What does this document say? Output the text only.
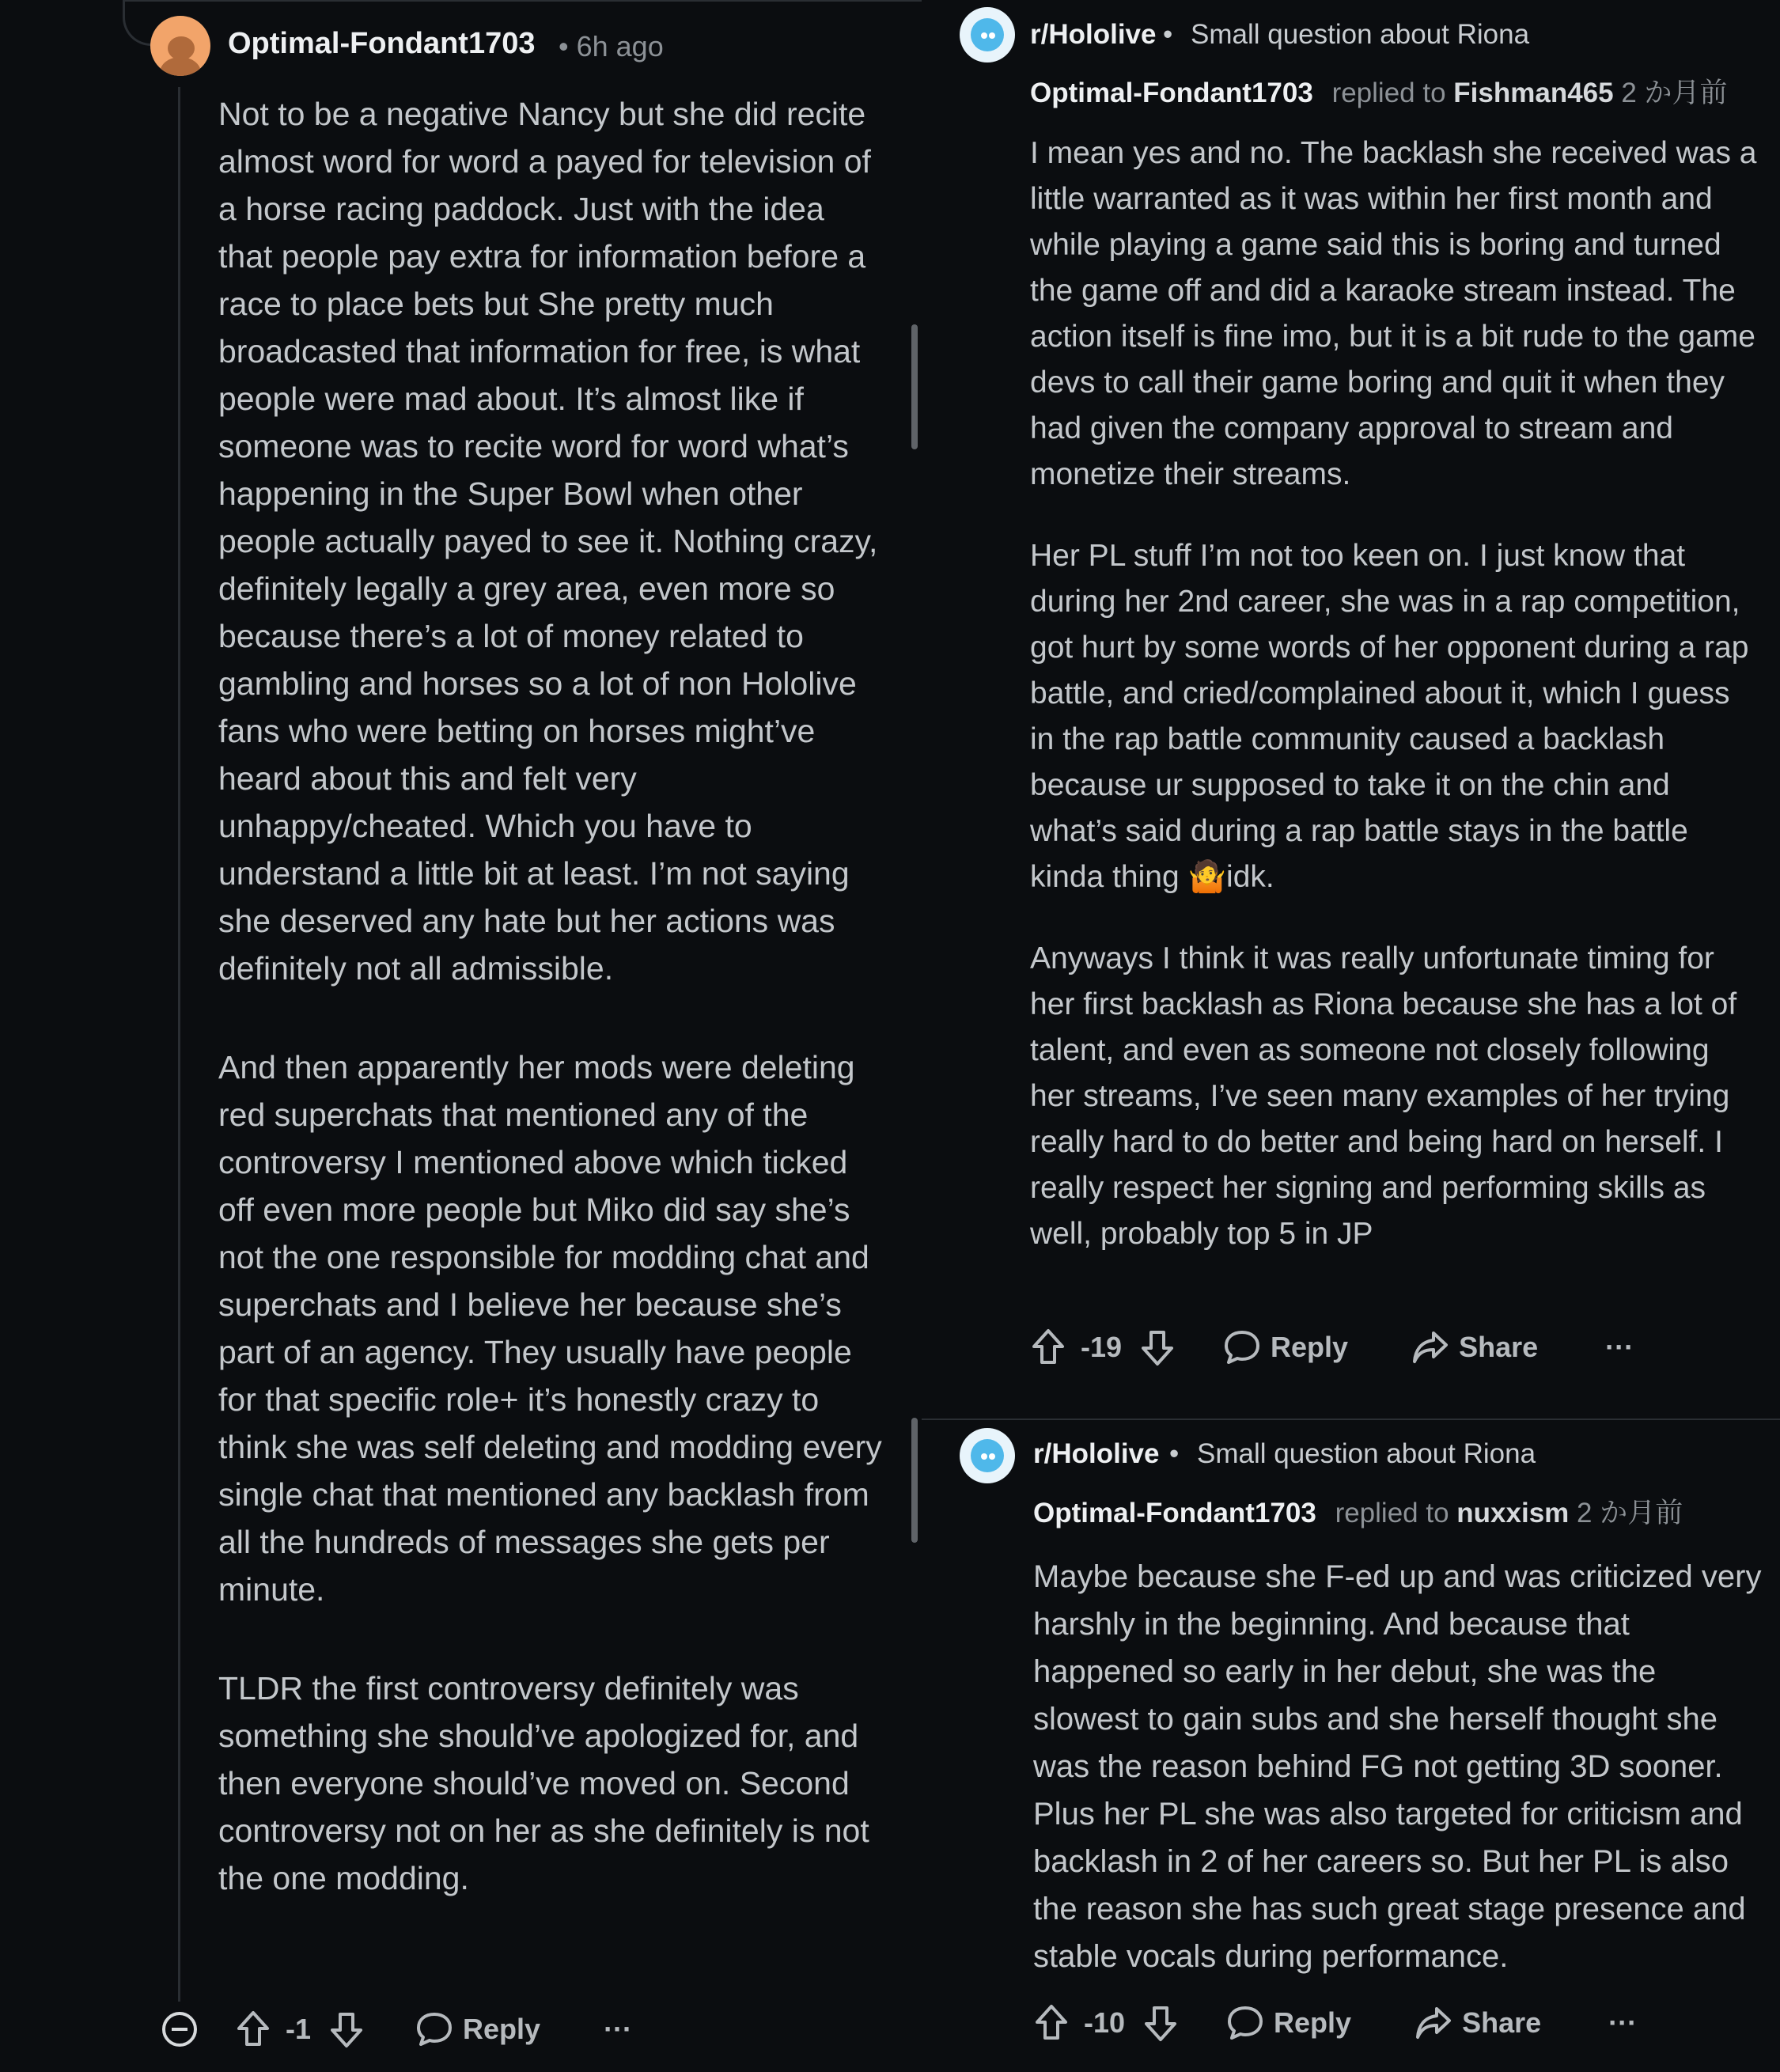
Optimal-Fondant1703 • 6h ago

Not to be a negative Nancy but she did recite almost word for word a payed for television of a horse racing paddock. Just with the idea that people pay extra for information before a race to place bets but She pretty much broadcasted that information for free, is what people were mad about. It’s almost like if someone was to recite word for word what’s happening in the Super Bowl when other people actually payed to see it. Nothing crazy, definitely legally a grey area, even more so because there’s a lot of money related to gambling and horses so a lot of non Hololive fans who were betting on horses might’ve heard about this and felt very unhappy/cheated. Which you have to understand a little bit at least. I’m not saying she deserved any hate but her actions was definitely not all admissible.

And then apparently her mods were deleting red superchats that mentioned any of the controversy I mentioned above which ticked off even more people but Miko did say she’s not the one responsible for modding chat and superchats and I believe her because she’s part of an agency. They usually have people for that specific role+ it’s honestly crazy to think she was self deleting and modding every single chat that mentioned any backlash from all the hundreds of messages she gets per minute.

TLDR the first controversy definitely was something she should’ve apologized for, and then everyone should’ve moved on. Second controversy not on her as she definitely is not the one modding.

-1	Reply ···
r/Hololive • Small question about Riona
Optimal-Fondant1703 replied to Fishman465 2 か月前

I mean yes and no. The backlash she received was a little warranted as it was within her first month and while playing a game said this is boring and turned the game off and did a karaoke stream instead. The action itself is fine imo, but it is a bit rude to the game devs to call their game boring and quit it when they had given the company approval to stream and monetize their streams.

Her PL stuff I’m not too keen on. I just know that during her 2nd career, she was in a rap competition, got hurt by some words of her opponent during a rap battle, and cried/complained about it, which I guess in the rap battle community caused a backlash because ur supposed to take it on the chin and what’s said during a rap battle stays in the battle kinda thing 🤷idk.

Anyways I think it was really unfortunate timing for her first backlash as Riona because she has a lot of talent, and even as someone not closely following her streams, I’ve seen many examples of her trying really hard to do better and being hard on herself. I really respect her signing and performing skills as well, probably top 5 in JP

-19	Reply	Share ···
r/Hololive • Small question about Riona
Optimal-Fondant1703 replied to nuxxism 2 か月前

Maybe because she F-ed up and was criticized very harshly in the beginning. And because that happened so early in her debut, she was the slowest to gain subs and she herself thought she was the reason behind FG not getting 3D sooner. Plus her PL she was also targeted for criticism and backlash in 2 of her careers so. But her PL is also the reason she has such great stage presence and stable vocals during performance.

-10	Reply	Share ···
